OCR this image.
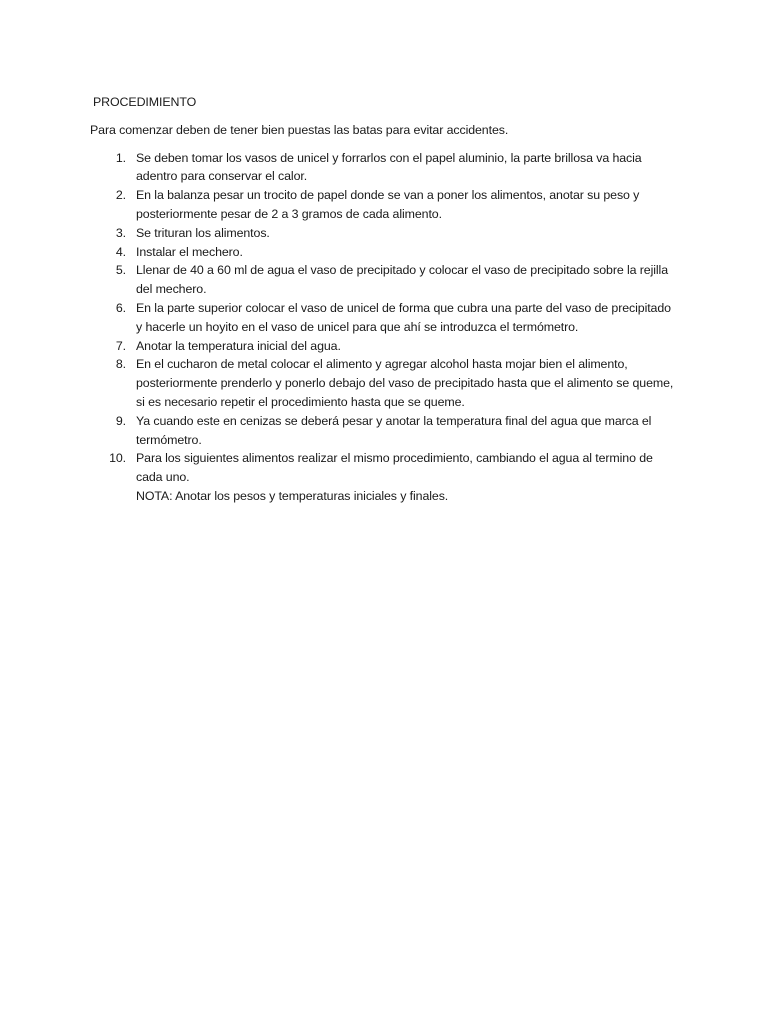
PROCEDIMIENTO
Para comenzar deben de tener bien puestas las batas para evitar accidentes.
1. Se deben tomar los vasos de unicel y forrarlos con el papel aluminio, la parte brillosa va hacia adentro para conservar el calor.
2. En la balanza pesar un trocito de papel donde se van a poner los alimentos, anotar su peso y posteriormente pesar de 2 a 3 gramos de cada alimento.
3. Se trituran los alimentos.
4. Instalar el mechero.
5. Llenar de 40 a 60 ml de agua el vaso de precipitado y colocar el vaso de precipitado sobre la rejilla del mechero.
6. En la parte superior colocar el vaso de unicel de forma que cubra una parte del vaso de precipitado y hacerle un hoyito en el vaso de unicel para que ahí se introduzca el termómetro.
7. Anotar la temperatura inicial del agua.
8. En el cucharon de metal colocar el alimento y agregar alcohol hasta mojar bien el alimento, posteriormente prenderlo y ponerlo debajo del vaso de precipitado hasta que el alimento se queme, si es necesario repetir el procedimiento hasta que se queme.
9. Ya cuando este en cenizas se deberá pesar y anotar la temperatura final del agua que marca el termómetro.
10. Para los siguientes alimentos realizar el mismo procedimiento, cambiando el agua al termino de cada uno.
NOTA: Anotar los pesos y temperaturas iniciales y finales.
